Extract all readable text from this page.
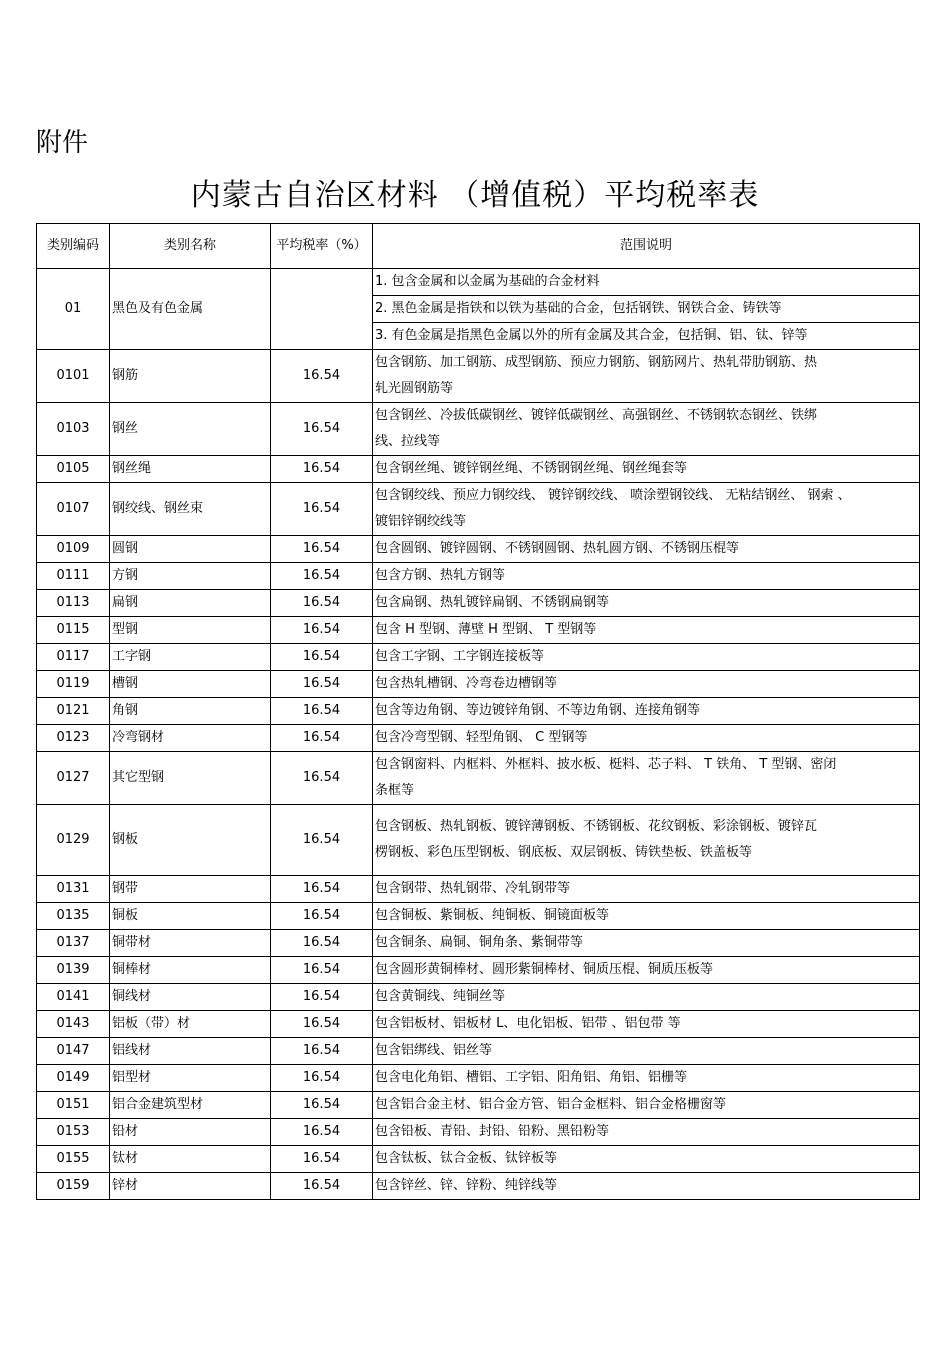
附件
内蒙古自治区材料 （增值税）平均税率表
类别编码	类别名称	平均税率（%）	范围说明
01	黑色及有色金属		1. 包含金属和以金属为基础的合金材料
			2. 黑色金属是指铁和以铁为基础的合金，包括钢铁、钢铁合金、铸铁等
			3. 有色金属是指黑色金属以外的所有金属及其合金，包括铜、铝、钛、锌等
0101	钢筋	16.54	包含钢筋、加工钢筋、成型钢筋、预应力钢筋、钢筋网片、热轧带肋钢筋、热
轧光圆钢筋等

0103	钢丝	16.54	包含钢丝、冷拔低碳钢丝、镀锌低碳钢丝、高强钢丝、不锈钢软态钢丝、铁绑
线、拉线等

0105	钢丝绳	16.54	包含钢丝绳、镀锌钢丝绳、不锈钢钢丝绳、钢丝绳套等

0107	钢绞线、钢丝束	16.54	包含钢绞线、预应力钢绞线、 镀锌钢绞线、 喷涂塑钢铰线、 无粘结钢丝、 钢索 、
镀铝锌钢绞线等

0109	圆钢	16.54	包含圆钢、镀锌圆钢、不锈钢圆钢、热轧圆方钢、不锈钢压棍等

0111	方钢	16.54	包含方钢、热轧方钢等

0113	扁钢	16.54	包含扁钢、热轧镀锌扁钢、不锈钢扁钢等

0115	型钢	16.54	包含 H 型钢、薄壁 H 型钢、 T 型钢等

0117	工字钢	16.54	包含工字钢、工字钢连接板等

0119	槽钢	16.54	包含热轧槽钢、冷弯卷边槽钢等

0121	角钢	16.54	包含等边角钢、等边镀锌角钢、不等边角钢、连接角钢等

0123	冷弯钢材	16.54	包含冷弯型钢、轻型角钢、 C 型钢等

0127	其它型钢	16.54	包含钢窗料、内框料、外框料、披水板、梃料、芯子料、 T 铁角、 T 型钢、密闭
条框等

0129	钢板	16.54	包含钢板、热轧钢板、镀锌薄钢板、不锈钢板、花纹钢板、彩涂钢板、镀锌瓦
楞钢板、彩色压型钢板、钢底板、双层钢板、铸铁垫板、铁盖板等

0131	钢带	16.54	包含钢带、热轧钢带、冷轧钢带等

0135	铜板	16.54	包含铜板、紫铜板、纯铜板、铜镜面板等

0137	铜带材	16.54	包含铜条、扁铜、铜角条、紫铜带等

0139	铜棒材	16.54	包含圆形黄铜棒材、圆形紫铜棒材、铜质压棍、铜质压板等

0141	铜线材	16.54	包含黄铜线、纯铜丝等

0143	铝板（带）材	16.54	包含铝板材、铝板材 L、电化铝板、铝带 、铝包带 等

0147	铝线材	16.54	包含铝绑线、铝丝等

0149	铝型材	16.54	包含电化角铝、槽铝、工字铝、阳角铝、角铝、铝栅等

0151	铝合金建筑型材	16.54	包含铝合金主材、铝合金方管、铝合金框料、铝合金格栅窗等

0153	铅材	16.54	包含铅板、青铅、封铅、铅粉、黑铅粉等

0155	钛材	16.54	包含钛板、钛合金板、钛锌板等

0159	锌材	16.54	包含锌丝、锌、锌粉、纯锌线等
